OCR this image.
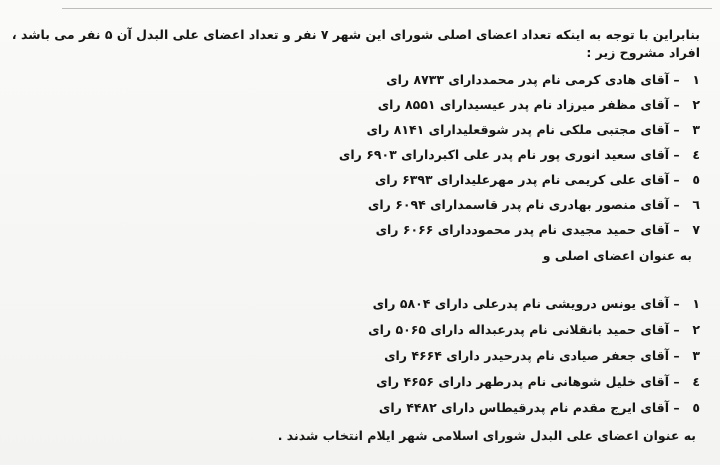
بنابراین با توجه به اینکه تعداد اعضای اصلی شورای این شهر ۷ نفر و تعداد اعضای علی البدل آن ۵ نفر می باشد ، افراد مشروح زیر :
۱ – آقای هادی کرمی نام پدر محمددارای ۸۷۳۳ رای
۲ – آقای مظفر میرزاد نام پدر عیسیدارای ۸۵۵۱ رای
۳ – آقای مجتبی ملکی نام پدر شوقعلیدارای ۸۱۴۱ رای
٤ – آقای سعید انوری پور نام پدر علی اکبردارای ۶۹۰۳ رای
٥ – آقای علی کریمی نام پدر مهرعلیدارای ۶۳۹۳ رای
٦ – آقای منصور بهادری نام پدر قاسمدارای ۶۰۹۴ رای
۷ – آقای حمید مجیدی نام پدر محموددارای ۶۰۶۶ رای
به عنوان اعضای اصلی و
۱ – آقای یونس درویشی نام پدرعلی دارای ۵۸۰۴ رای
۲ – آقای حمید بانقلانی نام پدرعبداله دارای ۵۰۶۵ رای
۳ – آقای جعفر صیادی نام پدرحیدر دارای ۴۶۶۴ رای
٤ – آقای خلیل شوهانی نام پدرطهر دارای ۴۶۵۶ رای
٥ – آقای ایرج مقدم نام پدرقیطاس دارای ۴۴۸۲ رای
به عنوان اعضای علی البدل شورای اسلامی شهر ایلام انتخاب شدند .
